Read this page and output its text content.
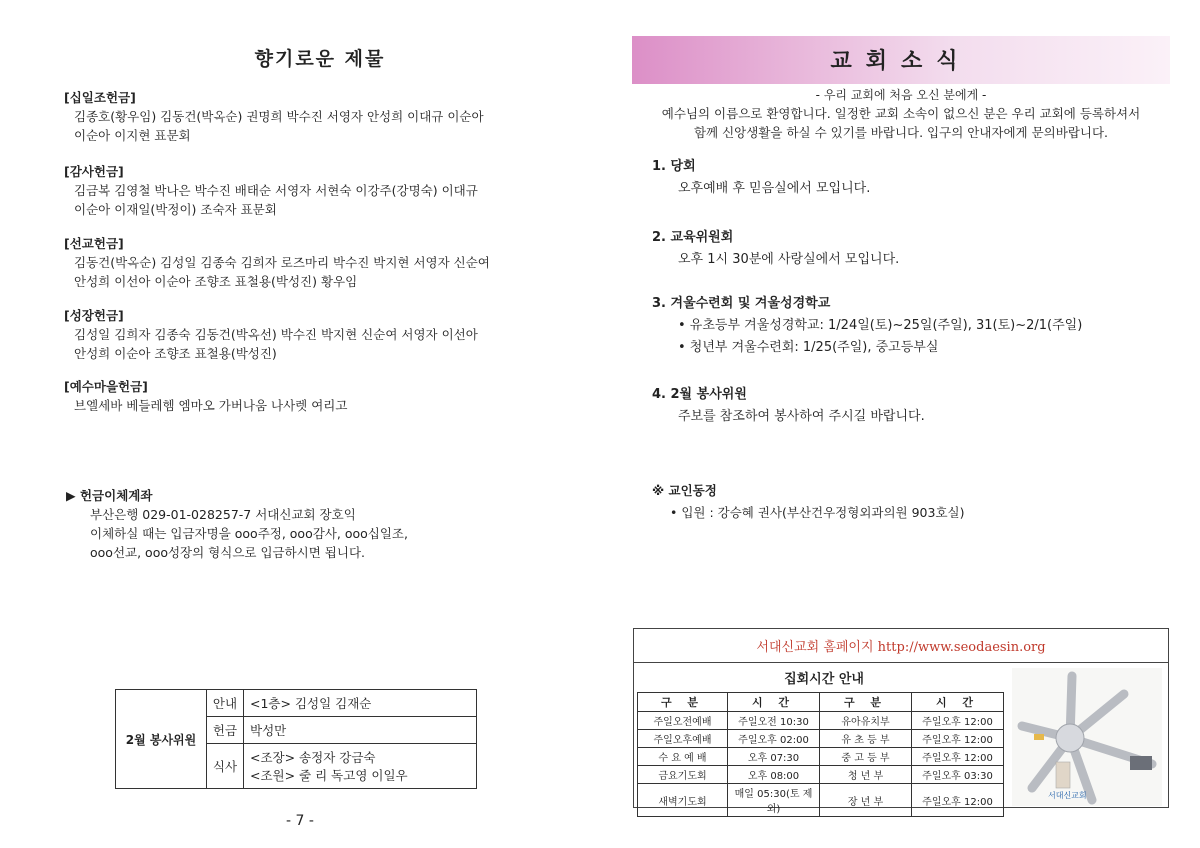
향기로운 제물
[십일조헌금]
김종호(황우임) 김동건(박옥순) 권명희 박수진 서영자 안성희 이대규 이순아
이순아 이지현 표문회
[감사헌금]
김금복 김영철 박나은 박수진 배태순 서영자 서현숙 이강주(강명숙) 이대규
이순아 이재일(박정이) 조숙자 표문회
[선교헌금]
김동건(박옥순) 김성일 김종숙 김희자 로즈마리 박수진 박지현 서영자 신순여
안성희 이선아 이순아 조향조 표철용(박성진) 황우임
[성장헌금]
김성일 김희자 김종숙 김동건(박옥선) 박수진 박지현 신순여 서영자 이선아
안성희 이순아 조향조 표철용(박성진)
[예수마을헌금]
브엘세바 베들레헴 엠마오 가버나움 나사렛 여리고
▶ 헌금이체계좌
부산은행 029-01-028257-7 서대신교회 장호익
이체하실 때는 입금자명을 ooo주정, ooo감사, ooo십일조,
ooo선교, ooo성장의 형식으로 입금하시면 됩니다.
2월 봉사위원	안내	<1층> 김성일 김재순

	헌금	박성만

	식사	<조장> 송정자 강금숙
<조원> 줄 리 독고영 이일우
- 7 -
교회소식
- 우리 교회에 처음 오신 분에게 -
예수님의 이름으로 환영합니다. 일정한 교회 소속이 없으신 분은 우리 교회에 등록하셔서
함께 신앙생활을 하실 수 있기를 바랍니다. 입구의 안내자에게 문의바랍니다.
1. 당회
오후예배 후 믿음실에서 모입니다.
2. 교육위원회
오후 1시 30분에 사랑실에서 모입니다.
3. 겨울수련회 및 겨울성경학교
• 유초등부 겨울성경학교: 1/24일(토)~25일(주일), 31(토)~2/1(주일)
• 청년부 겨울수련회: 1/25(주일), 중고등부실
4. 2월 봉사위원
주보를 참조하여 봉사하여 주시길 바랍니다.
※ 교인동정
• 입원 : 강승혜 권사(부산건우정형외과의원 903호실)
서대신교회 홈페이지 http://www.seodaesin.org
집회시간 안내
구 분	시 간	구 분	시 간
주일오전예배	주일오전 10:30	유아유치부	주일오후 12:00
주일오후예배	주일오후 02:00	유 초 등 부	주일오후 12:00
수 요 예 배	오후 07:30	중 고 등 부	주일오후 12:00
금요기도회	오후 08:00	청 년 부	주일오후 03:30
새벽기도회	매일 05:30(토 제외)	장 년 부	주일오후 12:00
서대신교회
